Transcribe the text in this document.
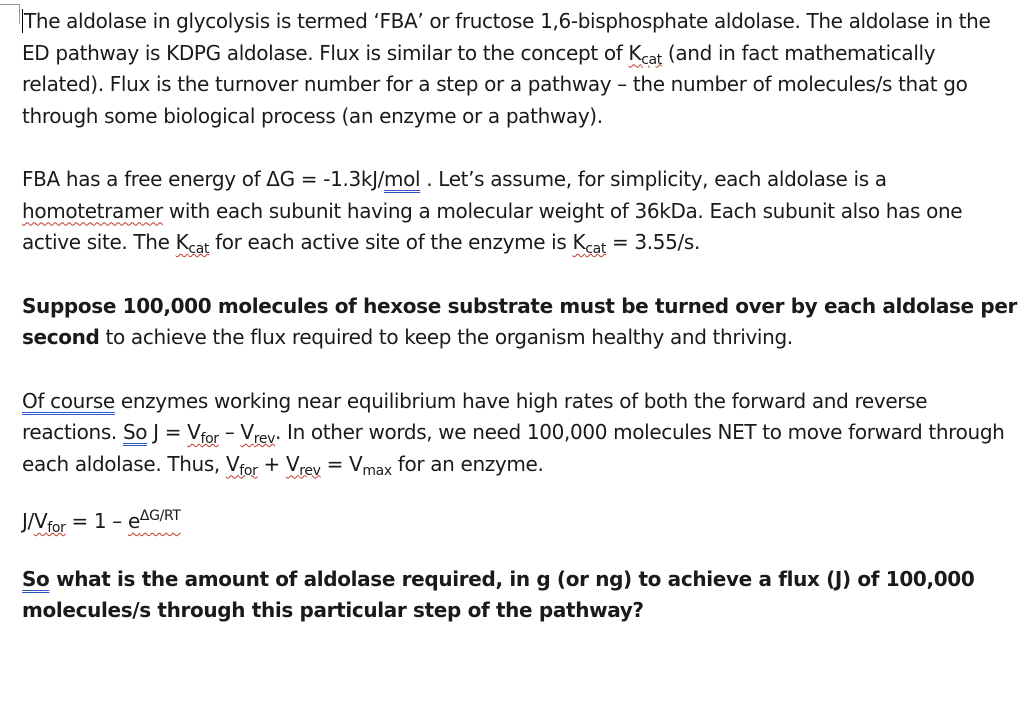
The aldolase in glycolysis is termed ‘FBA’ or fructose 1,6-bisphosphate aldolase. The aldolase in the ED pathway is KDPG aldolase. Flux is similar to the concept of $K_{cat}$ (and in fact mathematically related). Flux is the turnover number for a step or a pathway – the number of molecules/s that go through some biological process (an enzyme or a pathway).

FBA has a free energy of ΔG = -1.3kJ/mol . Let’s assume, for simplicity, each aldolase is a homotetramer with each subunit having a molecular weight of 36kDa. Each subunit also has one active site. The $K_{cat}$ for each active site of the enzyme is $K_{cat} = 3.55/s$.

Suppose 100,000 molecules of hexose substrate must be turned over by each aldolase per second to achieve the flux required to keep the organism healthy and thriving.

Of course enzymes working near equilibrium have high rates of both the forward and reverse reactions. So $J = V_{for} - V_{rev}$. In other words, we need 100,000 molecules NET to move forward through each aldolase. Thus, $V_{for} + V_{rev} = V_{max}$ for an enzyme.

$J/V_{for} = 1 - e^{\Delta G/RT}$

So what is the amount of aldolase required, in g (or ng) to achieve a flux (J) of 100,000 molecules/s through this particular step of the pathway?
